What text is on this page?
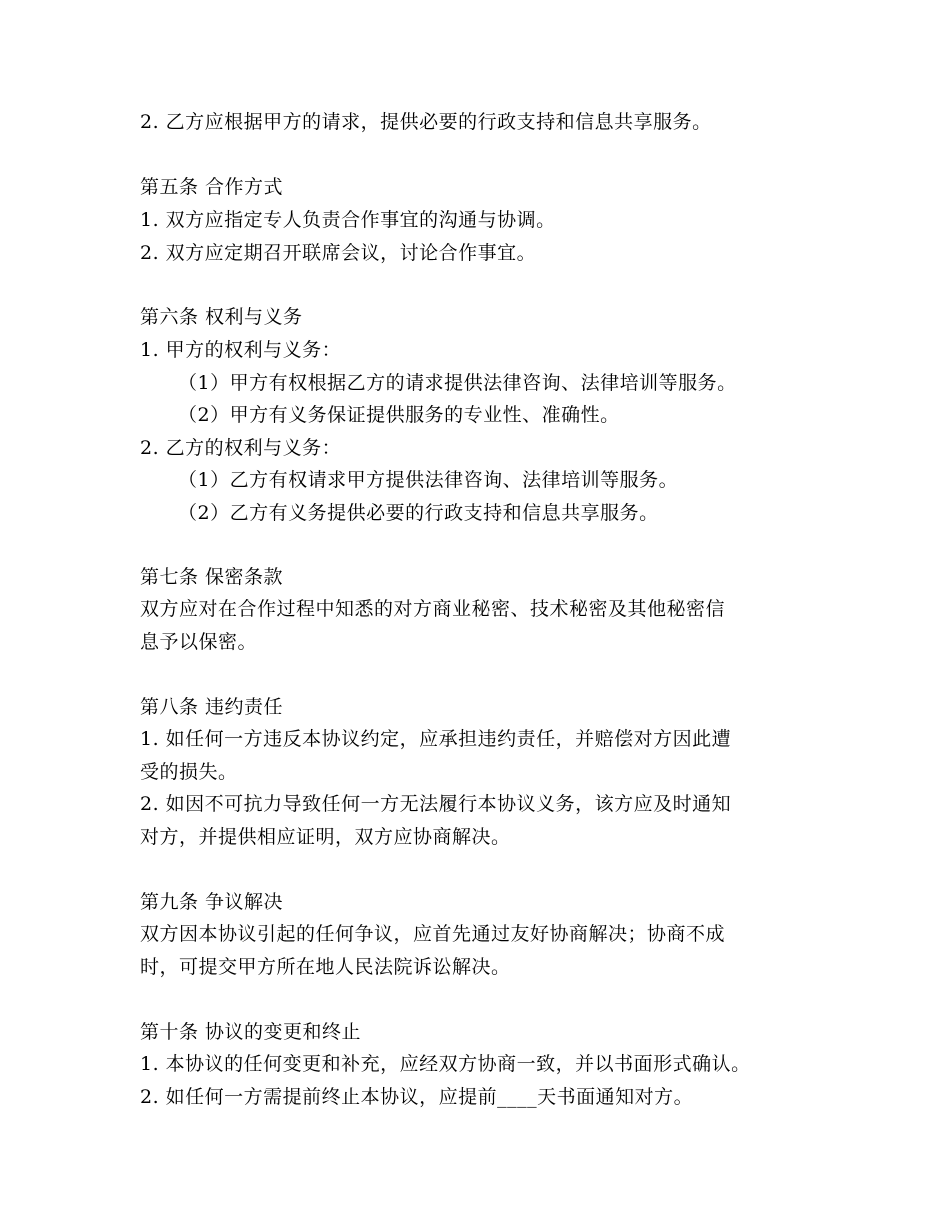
2. 乙方应根据甲方的请求，提供必要的行政支持和信息共享服务。
第五条 合作方式
1. 双方应指定专人负责合作事宜的沟通与协调。
2. 双方应定期召开联席会议，讨论合作事宜。
第六条 权利与义务
1. 甲方的权利与义务：
（1）甲方有权根据乙方的请求提供法律咨询、法律培训等服务。
（2）甲方有义务保证提供服务的专业性、准确性。
2. 乙方的权利与义务：
（1）乙方有权请求甲方提供法律咨询、法律培训等服务。
（2）乙方有义务提供必要的行政支持和信息共享服务。
第七条 保密条款
双方应对在合作过程中知悉的对方商业秘密、技术秘密及其他秘密信
息予以保密。
第八条 违约责任
1. 如任何一方违反本协议约定，应承担违约责任，并赔偿对方因此遭
受的损失。
2. 如因不可抗力导致任何一方无法履行本协议义务，该方应及时通知
对方，并提供相应证明，双方应协商解决。
第九条 争议解决
双方因本协议引起的任何争议，应首先通过友好协商解决；协商不成
时，可提交甲方所在地人民法院诉讼解决。
第十条 协议的变更和终止
1. 本协议的任何变更和补充，应经双方协商一致，并以书面形式确认。
2. 如任何一方需提前终止本协议，应提前____天书面通知对方。
